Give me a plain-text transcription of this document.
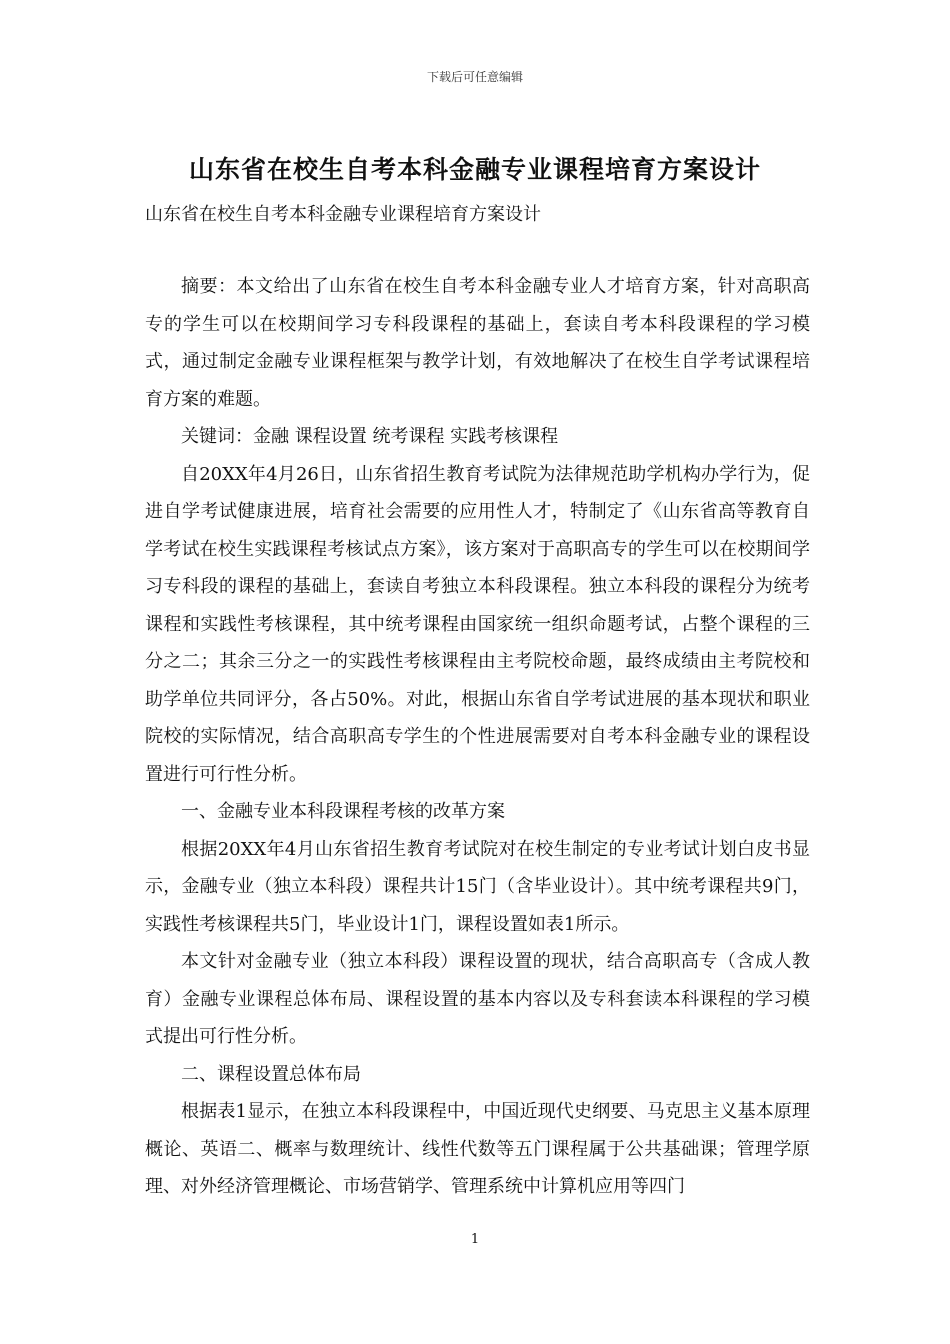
下载后可任意编辑
山东省在校生自考本科金融专业课程培育方案设计

山东省在校生自考本科金融专业课程培育方案设计

摘要：本文给出了山东省在校生自考本科金融专业人才培育方案，针对高职高专的学生可以在校期间学习专科段课程的基础上，套读自考本科段课程的学习模式，通过制定金融专业课程框架与教学计划，有效地解决了在校生自学考试课程培育方案的难题。

关键词：金融 课程设置 统考课程 实践考核课程

自20XX年4月26日，山东省招生教育考试院为法律规范助学机构办学行为，促进自学考试健康进展，培育社会需要的应用性人才，特制定了《山东省高等教育自学考试在校生实践课程考核试点方案》，该方案对于高职高专的学生可以在校期间学习专科段的课程的基础上，套读自考独立本科段课程。独立本科段的课程分为统考课程和实践性考核课程，其中统考课程由国家统一组织命题考试，占整个课程的三分之二；其余三分之一的实践性考核课程由主考院校命题，最终成绩由主考院校和助学单位共同评分，各占50%。对此，根据山东省自学考试进展的基本现状和职业院校的实际情况，结合高职高专学生的个性进展需要对自考本科金融专业的课程设置进行可行性分析。

一、金融专业本科段课程考核的改革方案

根据20XX年4月山东省招生教育考试院对在校生制定的专业考试计划白皮书显示，金融专业（独立本科段）课程共计15门（含毕业设计）。其中统考课程共9门，实践性考核课程共5门，毕业设计1门，课程设置如表1所示。

本文针对金融专业（独立本科段）课程设置的现状，结合高职高专（含成人教育）金融专业课程总体布局、课程设置的基本内容以及专科套读本科课程的学习模式提出可行性分析。

二、课程设置总体布局

根据表1显示，在独立本科段课程中，中国近现代史纲要、马克思主义基本原理概论、英语二、概率与数理统计、线性代数等五门课程属于公共基础课；管理学原理、对外经济管理概论、市场营销学、管理系统中计算机应用等四门

1
